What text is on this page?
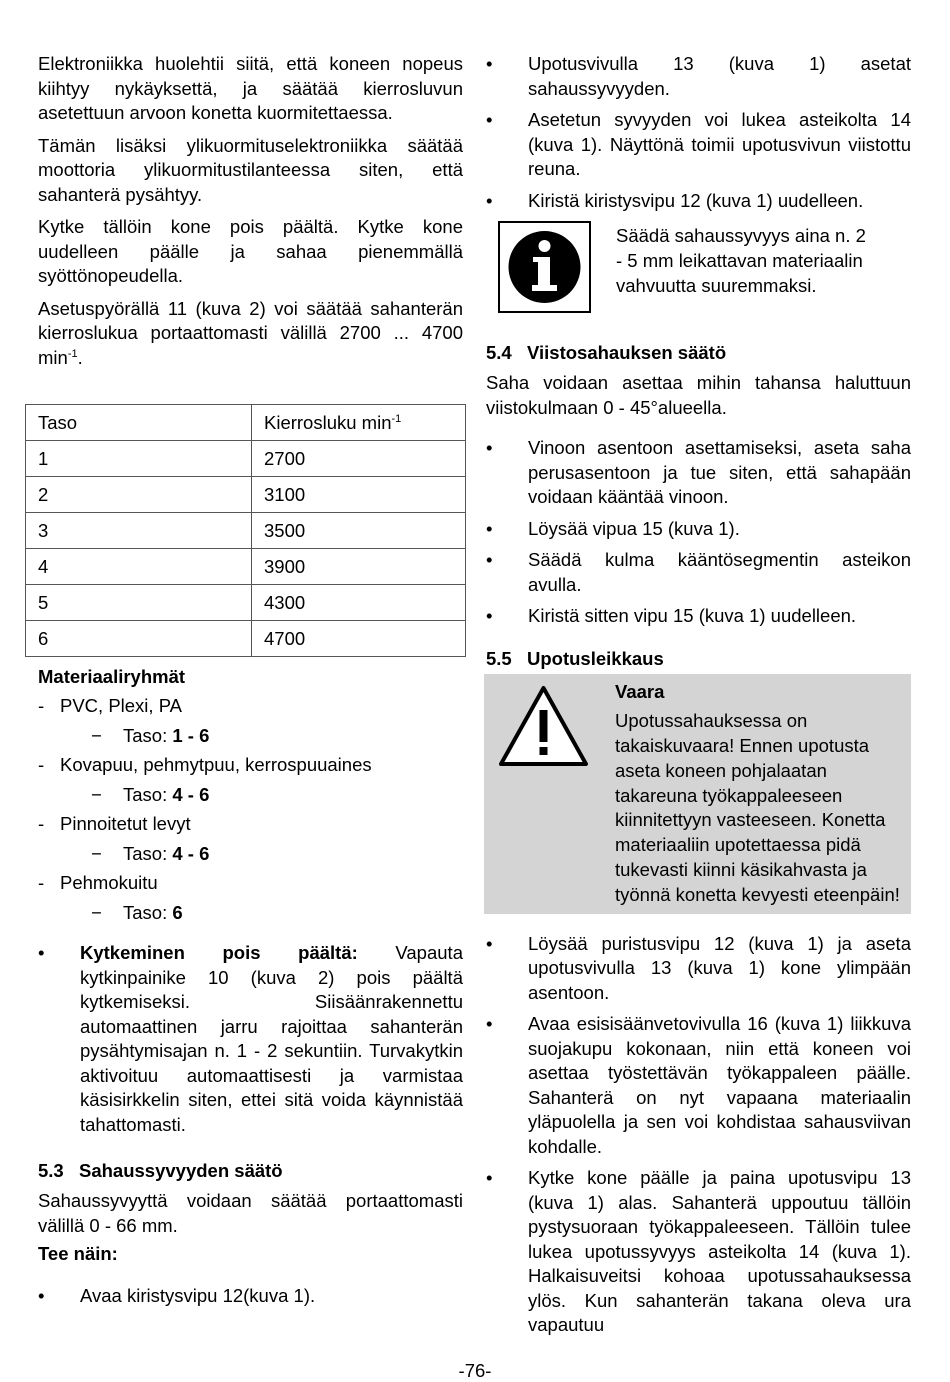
Elektroniikka huolehtii siitä, että koneen nopeus kiihtyy nykäyksettä, ja säätää kierrosluvun asetettuun arvoon konetta kuormitettaessa.

Tämän lisäksi ylikuormituselektroniikka säätää moottoria ylikuormitustilanteessa siten, että sahanterä pysähtyy.

Kytke tällöin kone pois päältä. Kytke kone uudelleen päälle ja sahaa pienemmällä syöttönopeudella.

Asetuspyörällä 11 (kuva 2) voi säätää sahanterän kierroslukua portaattomasti välillä 2700 ... 4700 $\min^{-1}$.

Taso	Kierrosluku $\min^{-1}$
1	2700
2	3100
3	3500
4	3900
5	4300
6	4700
Materiaaliryhmät
- PVC, Plexi, PA
− Taso: 1 - 6
- Kovapuu, pehmytpuu, kerrospuuaines
− Taso: 4 - 6
- Pinnoitetut levyt
− Taso: 4 - 6
- Pehmokuitu
− Taso: 6
• Kytkeminen pois päältä: Vapauta kytkinpainike 10 (kuva 2) pois päältä kytkemiseksi. Siisäänrakennettu automaattinen jarru rajoittaa sahanterän pysähtymisajan n. 1 - 2 sekuntiin. Turvakytkin aktivoituu automaattisesti ja varmistaa käsisirkkelin siten, ettei sitä voida käynnistää tahattomasti.
5.3 Sahaussyvyyden säätö

Sahaussyvyyttä voidaan säätää portaattomasti välillä 0 - 66 mm.

Tee näin:
• Avaa kiristysvipu 12(kuva 1).
• Upotusvivulla 13 (kuva 1) asetat sahaussyvyyden.
• Asetetun syvyyden voi lukea asteikolta 14 (kuva 1). Näyttönä toimii upotusvivun viistottu reuna.
• Kiristä kiristysvipu 12 (kuva 1) uudelleen.
Säädä sahaussyvyys aina n. 2 - 5 mm leikattavan materiaalin vahvuutta suuremmaksi.
5.4 Viistosahauksen säätö

Saha voidaan asettaa mihin tahansa haluttuun viistokulmaan 0 - 45°alueella.

• Vinoon asentoon asettamiseksi, aseta saha perusasentoon ja tue siten, että sahapään voidaan kääntää vinoon.
• Löysää vipua 15 (kuva 1).
• Säädä kulma kääntösegmentin asteikon avulla.
• Kiristä sitten vipu 15 (kuva 1) uudelleen.
5.5 Upotusleikkaus
Vaara
Upotussahauksessa on takaiskuvaara! Ennen upotusta aseta koneen pohjalaatan takareuna työkappaleeseen kiinnitettyyn vasteeseen. Konetta materiaaliin upotettaessa pidä tukevasti kiinni käsikahvasta ja työnnä konetta kevyesti eteenpäin!
• Löysää puristusvipu 12 (kuva 1) ja aseta upotusvivulla 13 (kuva 1) kone ylimpään asentoon.
• Avaa esisisäänvetovivulla 16 (kuva 1) liikkuva suojakupu kokonaan, niin että koneen voi asettaa työstettävän työkappaleen päälle. Sahanterä on nyt vapaana materiaalin yläpuolella ja sen voi kohdistaa sahausviivan kohdalle.
• Kytke kone päälle ja paina upotusvipu 13 (kuva 1) alas. Sahanterä uppoutuu tällöin pystysuoraan työkappaleeseen. Tällöin tulee lukea upotussyvyys asteikolta 14 (kuva 1). Halkaisuveitsi kohoaa upotussahauksessa ylös. Kun sahanterän takana oleva ura vapautuu
-76-
